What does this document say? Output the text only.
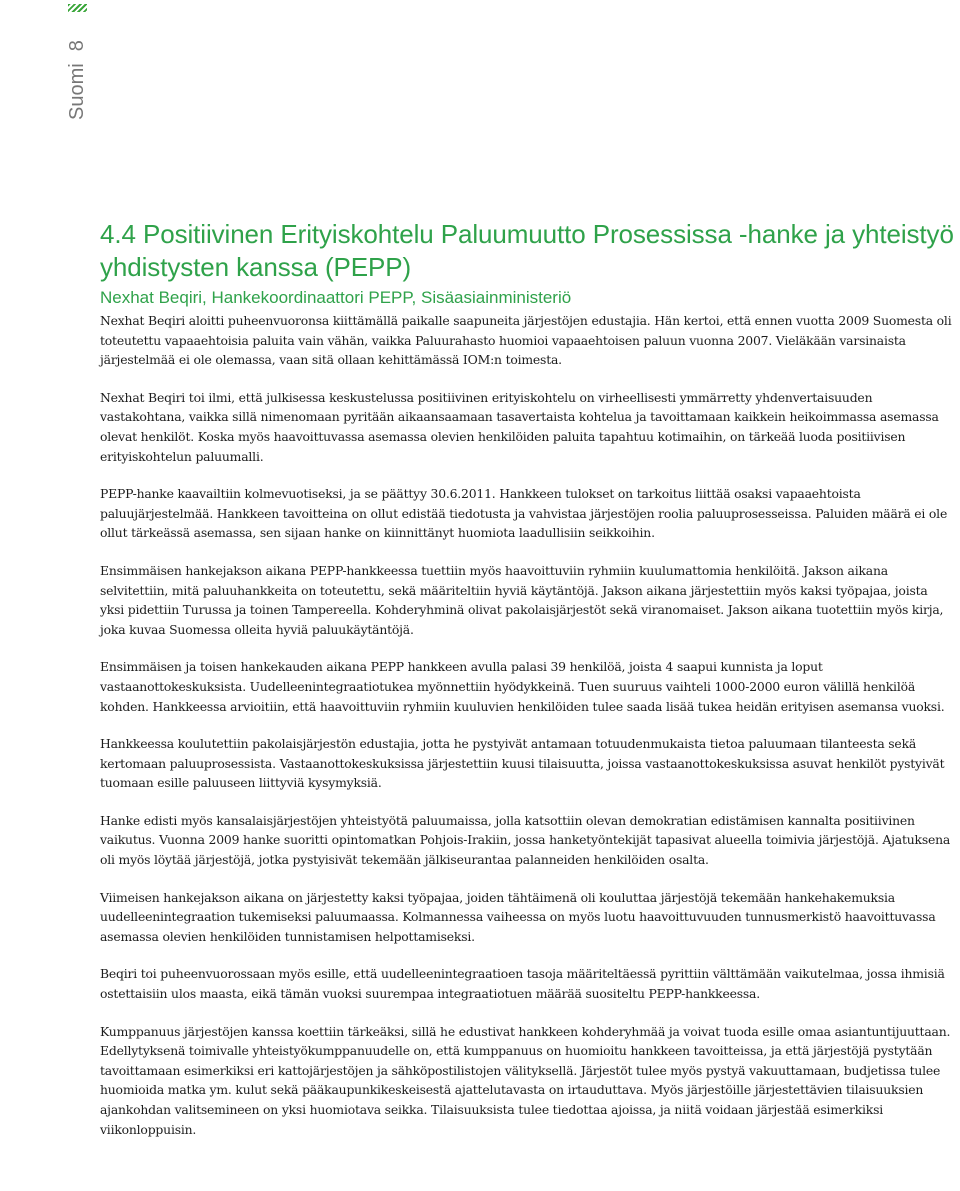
Suomi8
4.4 Positiivinen Erityiskohtelu Paluumuutto Prosessissa -hanke ja yhteistyö yhdistysten kanssa (PEPP)
Nexhat Beqiri, Hankekoordinaattori PEPP, Sisäasiainministeriö

Nexhat Beqiri aloitti puheenvuoronsa kiittämällä paikalle saapuneita järjestöjen edustajia. Hän kertoi, että ennen vuotta 2009 Suomesta oli toteutettu vapaaehtoisia paluita vain vähän, vaikka Paluurahasto huomioi vapaaehtoisen paluun vuonna 2007. Vieläkään varsinaista järjestelmää ei ole olemassa, vaan sitä ollaan kehittämässä IOM:n toimesta.

Nexhat Beqiri toi ilmi, että julkisessa keskustelussa positiivinen erityiskohtelu on virheellisesti ymmärretty yhdenvertaisuuden vastakohtana, vaikka sillä nimenomaan pyritään aikaansaamaan tasavertaista kohtelua ja tavoittamaan kaikkein heikoimmassa asemassa olevat henkilöt. Koska myös haavoittuvassa asemassa olevien henkilöiden paluita tapahtuu kotimaihin, on tärkeää luoda positiivisen erityiskohtelun paluumalli.

PEPP-hanke kaavailtiin kolmevuotiseksi, ja se päättyy 30.6.2011. Hankkeen tulokset on tarkoitus liittää osaksi vapaaehtoista paluujärjestelmää. Hankkeen tavoitteina on ollut edistää tiedotusta ja vahvistaa järjestöjen roolia paluuprosesseissa. Paluiden määrä ei ole ollut tärkeässä asemassa, sen sijaan hanke on kiinnittänyt huomiota laadullisiin seikkoihin.

Ensimmäisen hankejakson aikana PEPP-hankkeessa tuettiin myös haavoittuviin ryhmiin kuulumattomia henkilöitä. Jakson aikana selvitettiin, mitä paluuhankkeita on toteutettu, sekä määriteltiin hyviä käytäntöjä. Jakson aikana järjestettiin myös kaksi työpajaa, joista yksi pidettiin Turussa ja toinen Tampereella. Kohderyhminä olivat pakolaisjärjestöt sekä viranomaiset. Jakson aikana tuotettiin myös kirja, joka kuvaa Suomessa olleita hyviä paluukäytäntöjä.

Ensimmäisen ja toisen hankekauden aikana PEPP hankkeen avulla palasi 39 henkilöä, joista 4 saapui kunnista ja loput vastaanottokeskuksista. Uudelleenintegraatiotukea myönnettiin hyödykkeinä. Tuen suuruus vaihteli 1000-2000 euron välillä henkilöä kohden. Hankkeessa arvioitiin, että haavoittuviin ryhmiin kuuluvien henkilöiden tulee saada lisää tukea heidän erityisen asemansa vuoksi.

Hankkeessa koulutettiin pakolaisjärjestön edustajia, jotta he pystyivät antamaan totuudenmukaista tietoa paluumaan tilanteesta sekä kertomaan paluuprosessista. Vastaanottokeskuksissa järjestettiin kuusi tilaisuutta, joissa vastaanottokeskuksissa asuvat henkilöt pystyivät tuomaan esille paluuseen liittyviä kysymyksiä.

Hanke edisti myös kansalaisjärjestöjen yhteistyötä paluumaissa, jolla katsottiin olevan demokratian edistämisen kannalta positiivinen vaikutus. Vuonna 2009 hanke suoritti opintomatkan Pohjois-Irakiin, jossa hanketyöntekijät tapasivat alueella toimivia järjestöjä. Ajatuksena oli myös löytää järjestöjä, jotka pystyisivät tekemään jälkiseurantaa palanneiden henkilöiden osalta.

Viimeisen hankejakson aikana on järjestetty kaksi työpajaa, joiden tähtäimenä oli kouluttaa järjestöjä tekemään hankehakemuksia uudelleenintegraation tukemiseksi paluumaassa. Kolmannessa vaiheessa on myös luotu haavoittuvuuden tunnusmerkistö haavoittuvassa asemassa olevien henkilöiden tunnistamisen helpottamiseksi.

Beqiri toi puheenvuorossaan myös esille, että uudelleenintegraatioen tasoja määriteltäessä pyrittiin välttämään vaikutelmaa, jossa ihmisiä ostettaisiin ulos maasta, eikä tämän vuoksi suurempaa integraatiotuen määrää suositeltu PEPP-hankkeessa.

Kumppanuus järjestöjen kanssa koettiin tärkeäksi, sillä he edustivat hankkeen kohderyhmää ja voivat tuoda esille omaa asiantuntijuuttaan. Edellytyksenä toimivalle yhteistyökumppanuudelle on, että kumppanuus on huomioitu hankkeen tavoitteissa, ja että järjestöjä pystytään tavoittamaan esimerkiksi eri kattojärjestöjen ja sähköpostilistojen välityksellä. Järjestöt tulee myös pystyä vakuuttamaan, budjetissa tulee huomioida matka ym. kulut sekä pääkaupunkikeskeisestä ajattelutavasta on irtauduttava. Myös järjestöille järjestettävien tilaisuuksien ajankohdan valitsemineen on yksi huomiotava seikka. Tilaisuuksista tulee tiedottaa ajoissa, ja niitä voidaan järjestää esimerkiksi viikonloppuisin.
